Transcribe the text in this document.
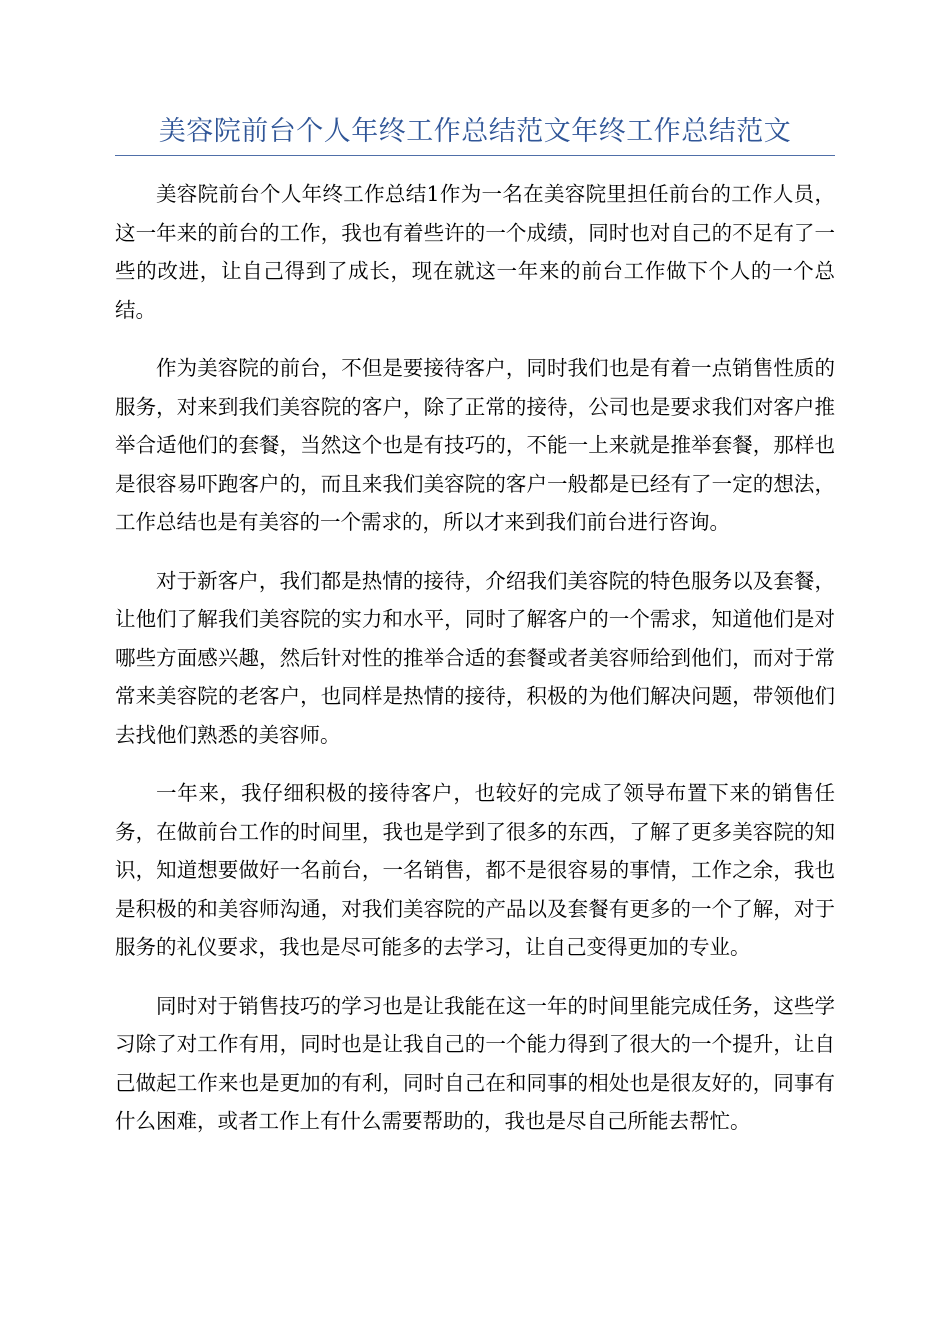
美容院前台个人年终工作总结范文年终工作总结范文

美容院前台个人年终工作总结1作为一名在美容院里担任前台的工作人员，这一年来的前台的工作，我也有着些许的一个成绩，同时也对自己的不足有了一些的改进，让自己得到了成长，现在就这一年来的前台工作做下个人的一个总结。

作为美容院的前台，不但是要接待客户，同时我们也是有着一点销售性质的服务，对来到我们美容院的客户，除了正常的接待，公司也是要求我们对客户推举合适他们的套餐，当然这个也是有技巧的，不能一上来就是推举套餐，那样也是很容易吓跑客户的，而且来我们美容院的客户一般都是已经有了一定的想法，工作总结也是有美容的一个需求的，所以才来到我们前台进行咨询。

对于新客户，我们都是热情的接待，介绍我们美容院的特色服务以及套餐，让他们了解我们美容院的实力和水平，同时了解客户的一个需求，知道他们是对哪些方面感兴趣，然后针对性的推举合适的套餐或者美容师给到他们，而对于常常来美容院的老客户，也同样是热情的接待，积极的为他们解决问题，带领他们去找他们熟悉的美容师。

一年来，我仔细积极的接待客户，也较好的完成了领导布置下来的销售任务，在做前台工作的时间里，我也是学到了很多的东西，了解了更多美容院的知识，知道想要做好一名前台，一名销售，都不是很容易的事情，工作之余，我也是积极的和美容师沟通，对我们美容院的产品以及套餐有更多的一个了解，对于服务的礼仪要求，我也是尽可能多的去学习，让自己变得更加的专业。

同时对于销售技巧的学习也是让我能在这一年的时间里能完成任务，这些学习除了对工作有用，同时也是让我自己的一个能力得到了很大的一个提升，让自己做起工作来也是更加的有利，同时自己在和同事的相处也是很友好的，同事有什么困难，或者工作上有什么需要帮助的，我也是尽自己所能去帮忙。
